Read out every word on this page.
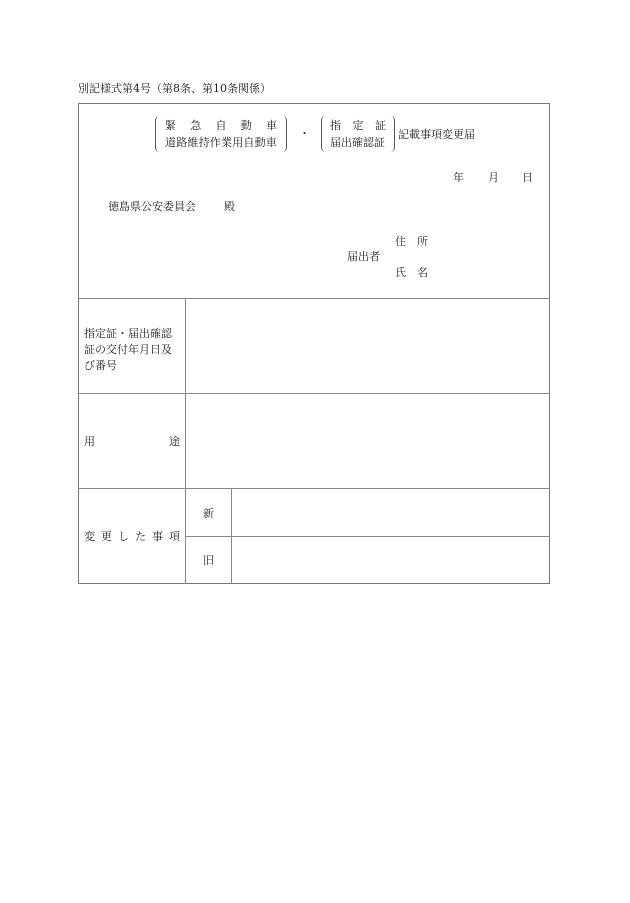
別記様式第4号（第8条、第10条関係）
緊 急 自 動 車
道路維持作業用自動車
・
指 定 証
届出確認証
記載事項変更届
年 月 日
徳島県公安委員会	殿
届出者
住 所
氏 名
指定証・届出確認
証の交付年月日及
び番号
用	途
変 更 し た 事 項
新
旧
